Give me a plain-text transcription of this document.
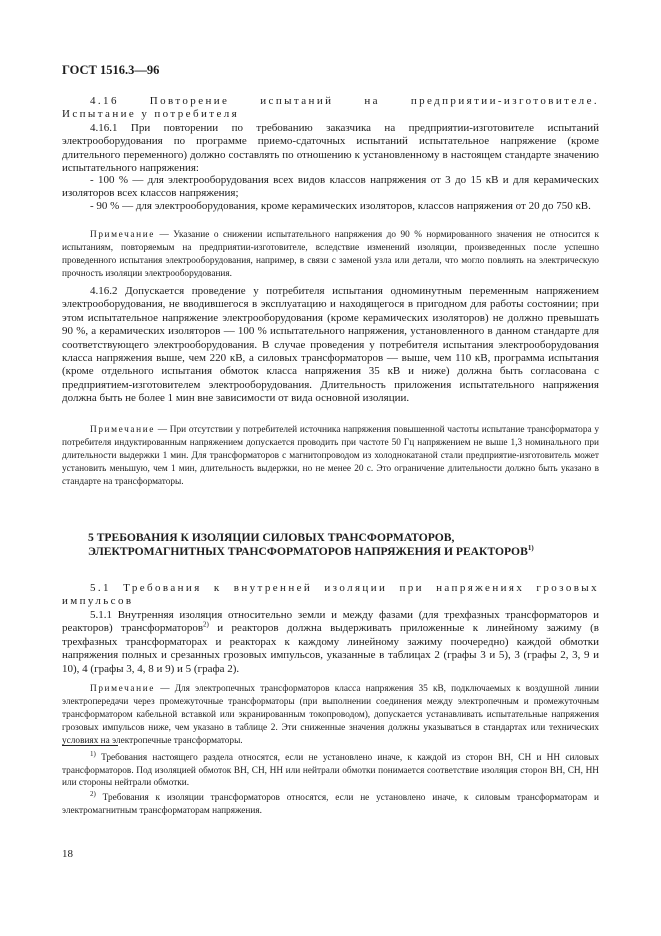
ГОСТ 1516.3—96
4.16 Повторение испытаний на предприятии-изготовителе.
Испытание у потребителя

4.16.1 При повторении по требованию заказчика на предприятии-изготовителе испытаний электрооборудования по программе приемо-сдаточных испытаний испытательное напряжение (кроме длительного переменного) должно составлять по отношению к установленному в настоящем стандарте значению испытательного напряжения:

- 100 % — для электрооборудования всех видов классов напряжения от 3 до 15 кВ и для керамических изоляторов всех классов напряжения;

- 90 % — для электрооборудования, кроме керамических изоляторов, классов напряжения от 20 до 750 кВ.

Примечание — Указание о снижении испытательного напряжения до 90 % нормированного значения не относится к испытаниям, повторяемым на предприятии-изготовителе, вследствие изменений изоляции, произведенных после успешно проведенного испытания электрооборудования, например, в связи с заменой узла или детали, что могло повлиять на электрическую прочность изоляции электрооборудования.

4.16.2 Допускается проведение у потребителя испытания одноминутным переменным напряжением электрооборудования, не вводившегося в эксплуатацию и находящегося в пригодном для работы состоянии; при этом испытательное напряжение электрооборудования (кроме керамических изоляторов) не должно превышать 90 %, а керамических изоляторов — 100 % испытательного напряжения, установленного в данном стандарте для соответствующего электрооборудования. В случае проведения у потребителя испытания электрооборудования класса напряжения выше, чем 220 кВ, а силовых трансформаторов — выше, чем 110 кВ, программа испытания (кроме отдельного испытания обмоток класса напряжения 35 кВ и ниже) должна быть согласована с предприятием-изготовителем электрооборудования. Длительность приложения испытательного напряжения должна быть не более 1 мин вне зависимости от вида основной изоляции.

Примечание — При отсутствии у потребителей источника напряжения повышенной частоты испытание трансформатора у потребителя индуктированным напряжением допускается проводить при частоте 50 Гц напряжением не выше 1,3 номинального при длительности выдержки 1 мин. Для трансформаторов с магнитопроводом из холоднокатаной стали предприятие-изготовитель может установить меньшую, чем 1 мин, длительность выдержки, но не менее 20 с. Это ограничение длительности должно быть указано в стандарте на трансформаторы.

5 ТРЕБОВАНИЯ К ИЗОЛЯЦИИ СИЛОВЫХ ТРАНСФОРМАТОРОВ,
ЭЛЕКТРОМАГНИТНЫХ ТРАНСФОРМАТОРОВ НАПРЯЖЕНИЯ И РЕАКТОРОВ$^{1)}$

5.1 Требования к внутренней изоляции при напряжениях грозовых импульсов

5.1.1 Внутренняя изоляция относительно земли и между фазами (для трехфазных трансформаторов и реакторов) трансформаторов$^{2)}$ и реакторов должна выдерживать приложенные к линейному зажиму (в трехфазных трансформаторах и реакторах к каждому линейному зажиму поочередно) каждой обмотки напряжения полных и срезанных грозовых импульсов, указанные в таблицах 2 (графы 3 и 5), 3 (графы 2, 3, 9 и 10), 4 (графы 3, 4, 8 и 9) и 5 (графа 2).

Примечание — Для электропечных трансформаторов класса напряжения 35 кВ, подключаемых к воздушной линии электропередачи через промежуточные трансформаторы (при выполнении соединения между электропечным и промежуточным трансформатором кабельной вставкой или экранированным токопроводом), допускается устанавливать испытательные напряжения грозовых импульсов ниже, чем указано в таблице 2. Эти сниженные значения должны указываться в стандартах или технических условиях на электропечные трансформаторы.

$^{1)}$ Требования настоящего раздела относятся, если не установлено иначе, к каждой из сторон ВН, СН и НН силовых трансформаторов. Под изоляцией обмоток ВН, СН, НН или нейтрали обмотки понимается соответствие изоляция сторон ВН, СН, НН или стороны нейтрали обмотки.

$^{2)}$ Требования к изоляции трансформаторов относятся, если не установлено иначе, к силовым трансформаторам и электромагнитным трансформаторам напряжения.

18
